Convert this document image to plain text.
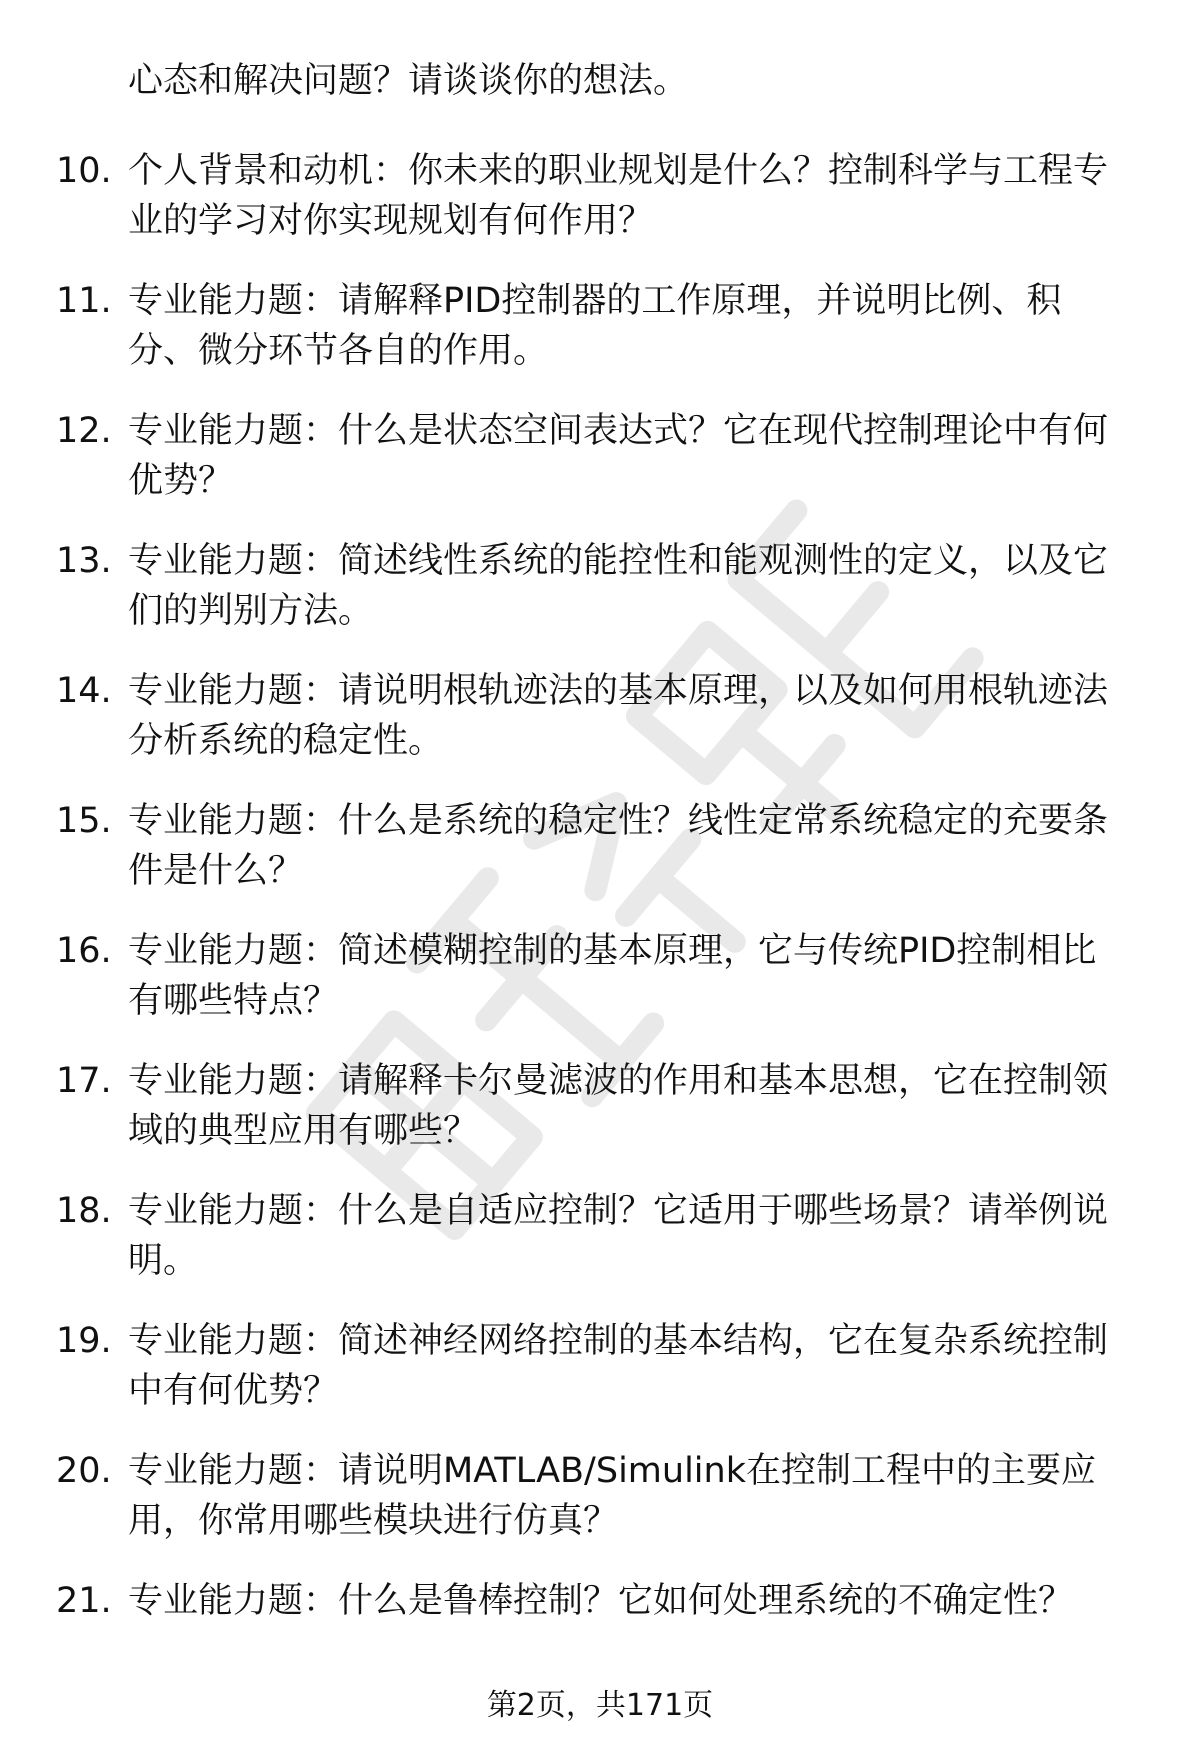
心态和解决问题？请谈谈你的想法。
10. 个人背景和动机：你未来的职业规划是什么？控制科学与工程专
业的学习对你实现规划有何作用？
11. 专业能力题：请解释PID控制器的工作原理，并说明比例、积
分、微分环节各自的作用。
12. 专业能力题：什么是状态空间表达式？它在现代控制理论中有何
优势？
13. 专业能力题：简述线性系统的能控性和能观测性的定义，以及它
们的判别方法。
14. 专业能力题：请说明根轨迹法的基本原理，以及如何用根轨迹法
分析系统的稳定性。
15. 专业能力题：什么是系统的稳定性？线性定常系统稳定的充要条
件是什么？
16. 专业能力题：简述模糊控制的基本原理，它与传统PID控制相比
有哪些特点？
17. 专业能力题：请解释卡尔曼滤波的作用和基本思想，它在控制领
域的典型应用有哪些？
18. 专业能力题：什么是自适应控制？它适用于哪些场景？请举例说
明。
19. 专业能力题：简述神经网络控制的基本结构，它在复杂系统控制
中有何优势？
20. 专业能力题：请说明MATLAB/Simulink在控制工程中的主要应
用，你常用哪些模块进行仿真？
21. 专业能力题：什么是鲁棒控制？它如何处理系统的不确定性？
第2页，共171页
